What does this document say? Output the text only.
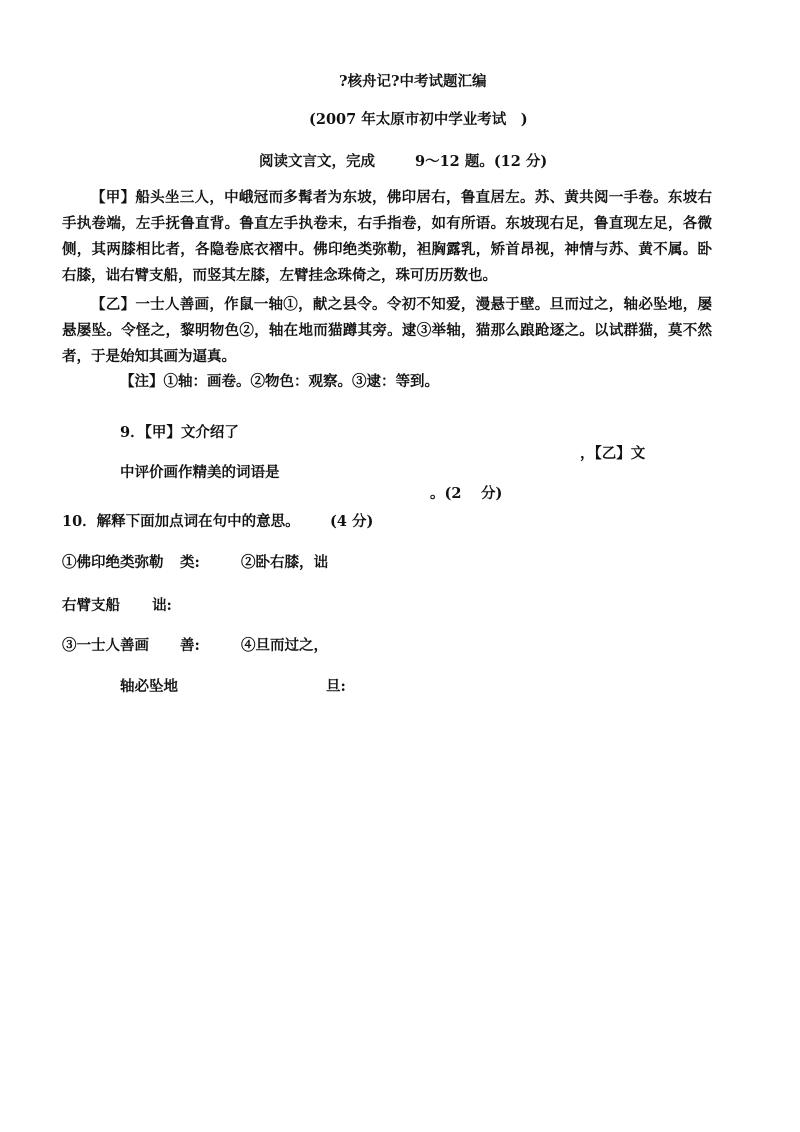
?核舟记?中考试题汇编
(2007 年太原市初中学业考试　)
阅读文言文，完成	9～12 题。(12 分)
【甲】船头坐三人，中峨冠而多髯者为东坡，佛印居右，鲁直居左。苏、黄共阅一手卷。东坡右手执卷端，左手抚鲁直背。鲁直左手执卷末，右手指卷，如有所语。东坡现右足，鲁直现左足，各微侧，其两膝相比者，各隐卷底衣褶中。佛印绝类弥勒，袒胸露乳，矫首昂视，神情与苏、黄不属。卧右膝，诎右臂支船，而竖其左膝，左臂挂念珠倚之，珠可历历数也。
【乙】一士人善画，作鼠一轴①，献之县令。令初不知爱，漫悬于壁。旦而过之，轴必坠地，屡悬屡坠。令怪之，黎明物色②，轴在地而猫蹲其旁。逮③举轴，猫那么踉跄逐之。以试群猫，莫不然者，于是始知其画为逼真。
【注】①轴：画卷。②物色：观察。③逮：等到。
9．【甲】文介绍了
，【乙】文
中评价画作精美的词语是
。(2　 分)
10．解释下面加点词在句中的意思。 (4 分)
①佛印绝类弥勒 类:	②卧右膝，诎
右臂支船 诎:
③一士人善画 善:	④旦而过之，
轴必坠地	旦:
